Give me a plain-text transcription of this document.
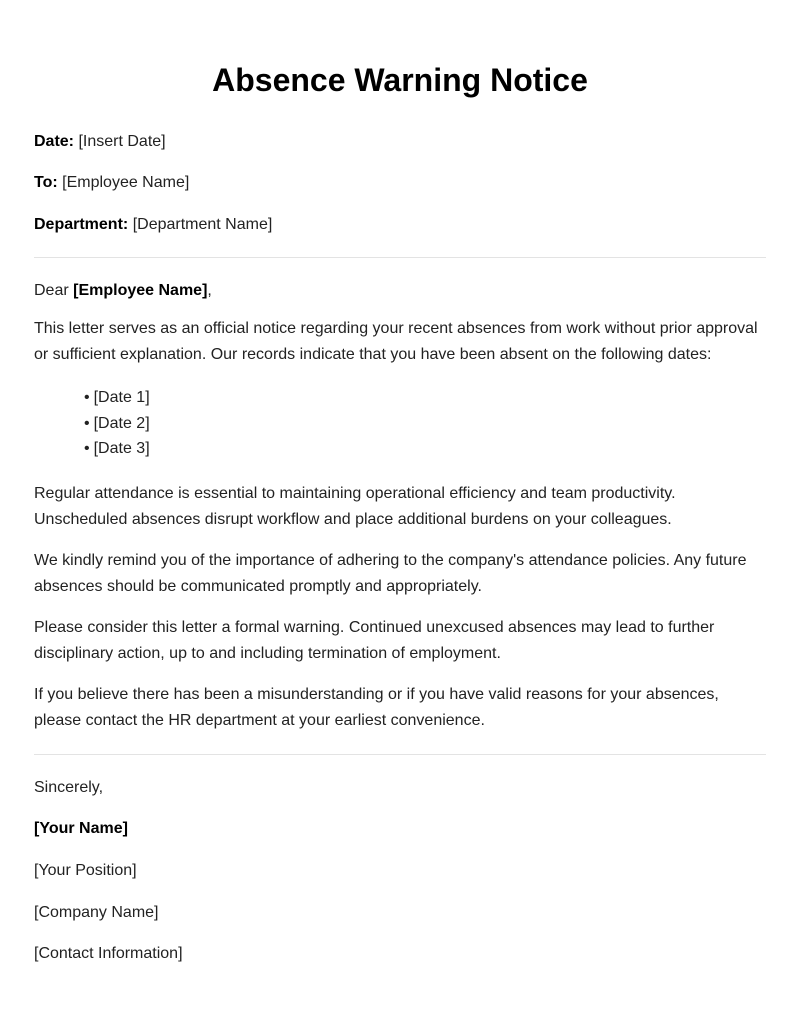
Absence Warning Notice

Date: [Insert Date]

To: [Employee Name]

Department: [Department Name]

Dear [Employee Name],

This letter serves as an official notice regarding your recent absences from work without prior approval or sufficient explanation. Our records indicate that you have been absent on the following dates:

• [Date 1]
• [Date 2]
• [Date 3]

Regular attendance is essential to maintaining operational efficiency and team productivity. Unscheduled absences disrupt workflow and place additional burdens on your colleagues.

We kindly remind you of the importance of adhering to the company's attendance policies. Any future absences should be communicated promptly and appropriately.

Please consider this letter a formal warning. Continued unexcused absences may lead to further disciplinary action, up to and including termination of employment.

If you believe there has been a misunderstanding or if you have valid reasons for your absences, please contact the HR department at your earliest convenience.

Sincerely,

[Your Name]

[Your Position]

[Company Name]

[Contact Information]
